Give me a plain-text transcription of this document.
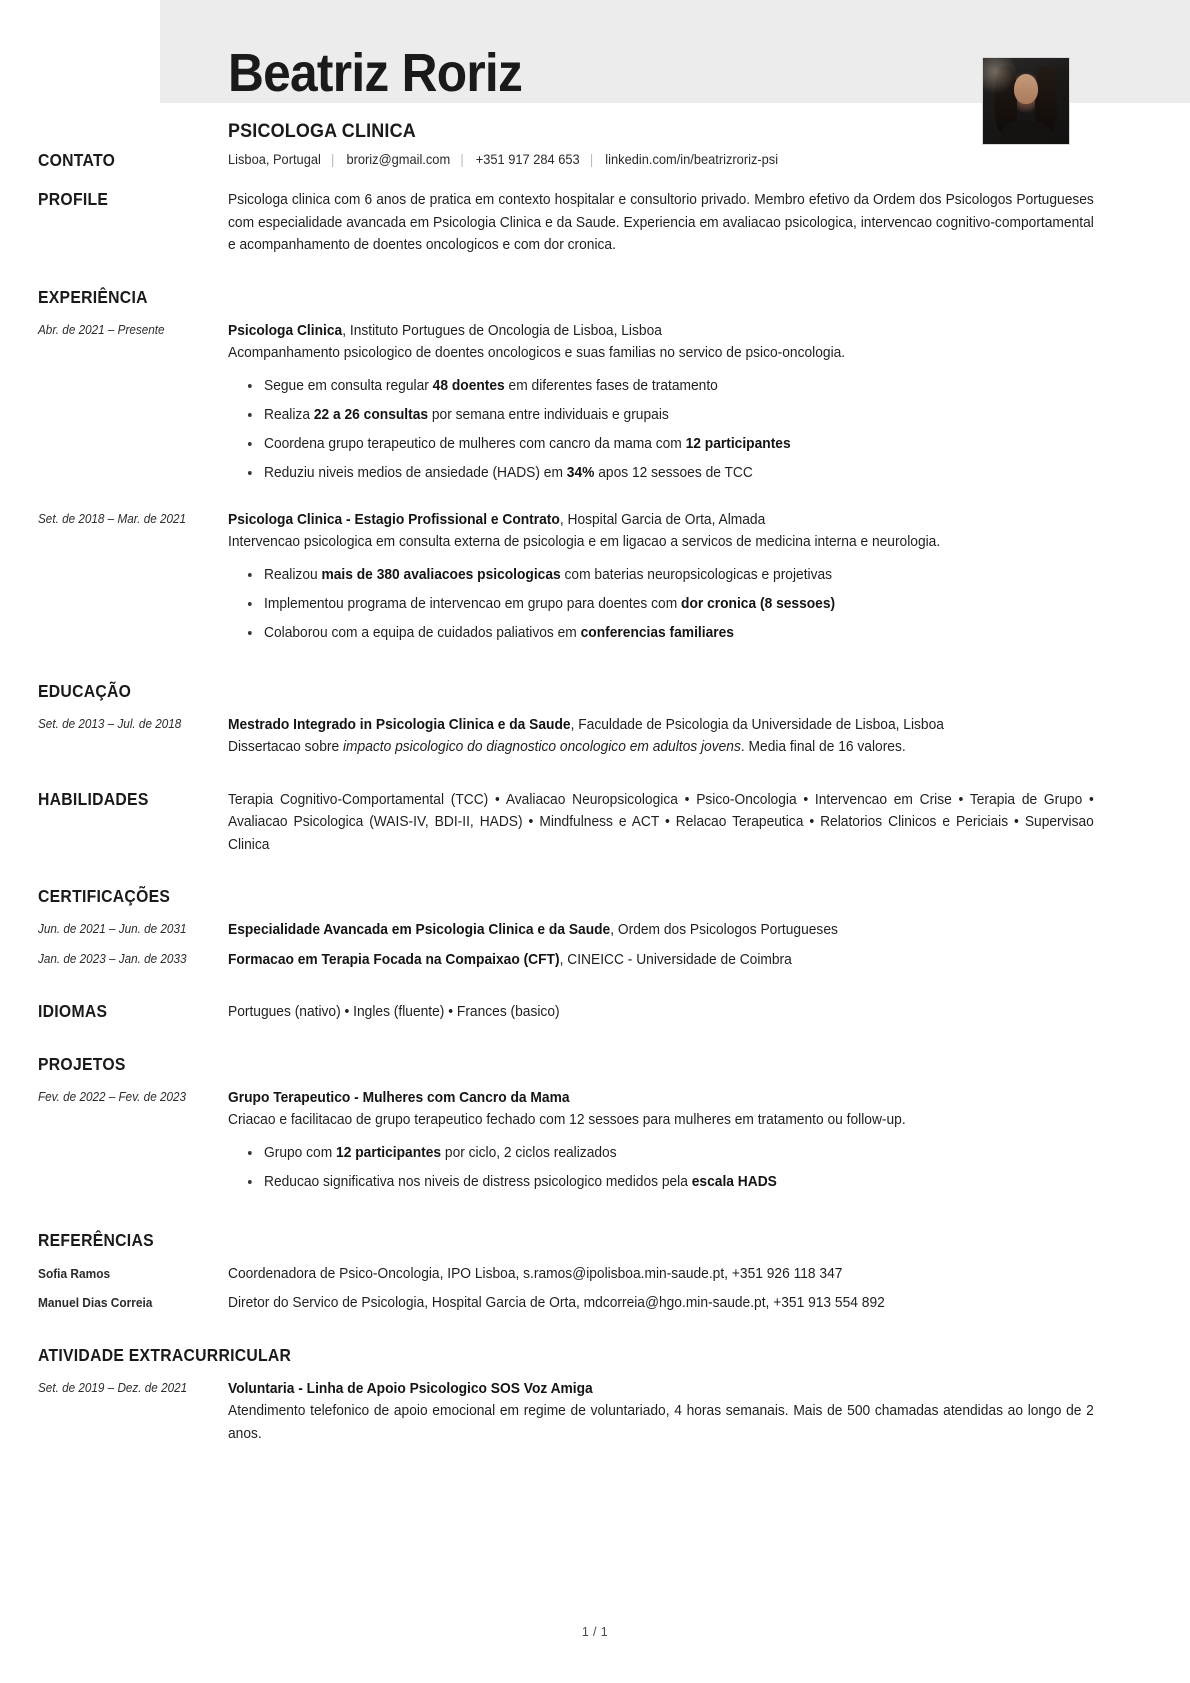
Beatriz Roriz
PSICOLOGA CLINICA
CONTATO	Lisboa, Portugal | broriz@gmail.com | +351 917 284 653 | linkedin.com/in/beatrizroriz-psi
PROFILE	Psicologa clinica com 6 anos de pratica em contexto hospitalar e consultorio privado. Membro efetivo da Ordem dos Psicologos Portugueses com especialidade avancada em Psicologia Clinica e da Saude. Experiencia em avaliacao psicologica, intervencao cognitivo-comportamental e acompanhamento de doentes oncologicos e com dor cronica.
EXPERIÊNCIA
Abr. de 2021 – Presente	Psicologa Clinica, Instituto Portugues de Oncologia de Lisboa, Lisboa
Acompanhamento psicologico de doentes oncologicos e suas familias no servico de psico-oncologia.
Segue em consulta regular 48 doentes em diferentes fases de tratamento
Realiza 22 a 26 consultas por semana entre individuais e grupais
Coordena grupo terapeutico de mulheres com cancro da mama com 12 participantes
Reduziu niveis medios de ansiedade (HADS) em 34% apos 12 sessoes de TCC
Set. de 2018 – Mar. de 2021	Psicologa Clinica - Estagio Profissional e Contrato, Hospital Garcia de Orta, Almada
Intervencao psicologica em consulta externa de psicologia e em ligacao a servicos de medicina interna e neurologia.
Realizou mais de 380 avaliacoes psicologicas com baterias neuropsicologicas e projetivas
Implementou programa de intervencao em grupo para doentes com dor cronica (8 sessoes)
Colaborou com a equipa de cuidados paliativos em conferencias familiares
EDUCAÇÃO
Set. de 2013 – Jul. de 2018	Mestrado Integrado in Psicologia Clinica e da Saude, Faculdade de Psicologia da Universidade de Lisboa, Lisboa
Dissertacao sobre impacto psicologico do diagnostico oncologico em adultos jovens. Media final de 16 valores.
HABILIDADES	Terapia Cognitivo-Comportamental (TCC) • Avaliacao Neuropsicologica • Psico-Oncologia • Intervencao em Crise • Terapia de Grupo • Avaliacao Psicologica (WAIS-IV, BDI-II, HADS) • Mindfulness e ACT • Relacao Terapeutica • Relatorios Clinicos e Periciais • Supervisao Clinica
CERTIFICAÇÕES
Jun. de 2021 – Jun. de 2031	Especialidade Avancada em Psicologia Clinica e da Saude, Ordem dos Psicologos Portugueses
Jan. de 2023 – Jan. de 2033	Formacao em Terapia Focada na Compaixao (CFT), CINEICC - Universidade de Coimbra
IDIOMAS	Portugues (nativo) • Ingles (fluente) • Frances (basico)
PROJETOS
Fev. de 2022 – Fev. de 2023	Grupo Terapeutico - Mulheres com Cancro da Mama
Criacao e facilitacao de grupo terapeutico fechado com 12 sessoes para mulheres em tratamento ou follow-up.
Grupo com 12 participantes por ciclo, 2 ciclos realizados
Reducao significativa nos niveis de distress psicologico medidos pela escala HADS
REFERÊNCIAS
Sofia Ramos	Coordenadora de Psico-Oncologia, IPO Lisboa, s.ramos@ipolisboa.min-saude.pt, +351 926 118 347
Manuel Dias Correia	Diretor do Servico de Psicologia, Hospital Garcia de Orta, mdcorreia@hgo.min-saude.pt, +351 913 554 892
ATIVIDADE EXTRACURRICULAR
Set. de 2019 – Dez. de 2021	Voluntaria - Linha de Apoio Psicologico SOS Voz Amiga
Atendimento telefonico de apoio emocional em regime de voluntariado, 4 horas semanais. Mais de 500 chamadas atendidas ao longo de 2 anos.
1 / 1
